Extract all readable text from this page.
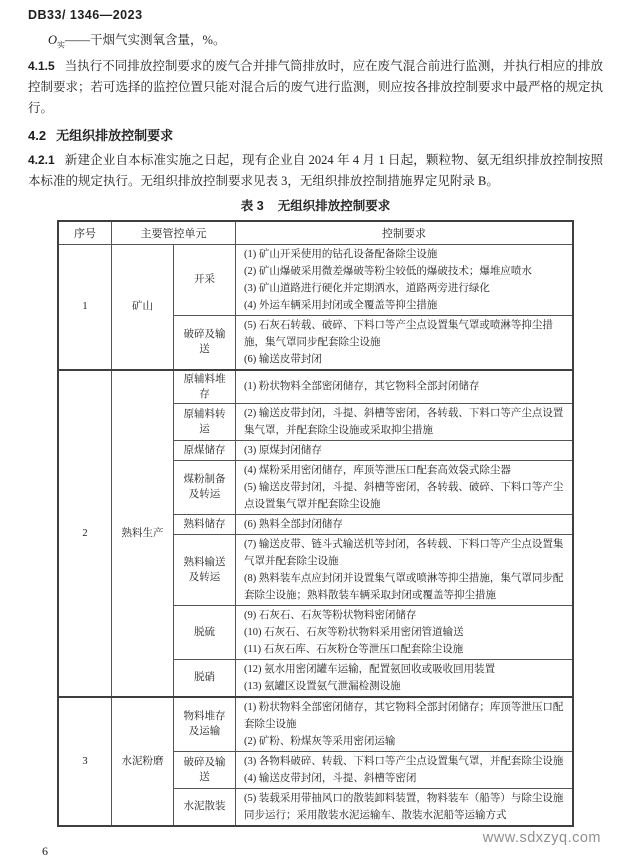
DB33/ 1346—2023

$O_实——$干烟气实测氧含量，%。

4.1.5 当执行不同排放控制要求的废气合并排气筒排放时，应在废气混合前进行监测，并执行相应的排放控制要求；若可选择的监控位置只能对混合后的废气进行监测，则应按各排放控制要求中最严格的规定执行。

4.2 无组织排放控制要求

4.2.1 新建企业自本标准实施之日起，现有企业自 2024 年 4 月 1 日起，颗粒物、氨无组织排放控制按照本标准的规定执行。无组织排放控制要求见表 3，无组织排放控制措施界定见附录 B。

表 3 无组织排放控制要求
序号	主要管控单元		控制要求
1	矿山	开采	(1) 矿山开采使用的钻孔设备配备除尘设施
(2) 矿山爆破采用微差爆破等粉尘较低的爆破技术；爆堆应喷水
(3) 矿山道路进行硬化并定期洒水，道路两旁进行绿化
(4) 外运车辆采用封闭或全覆盖等抑尘措施

		破碎及输送	(5) 石灰石转载、破碎、下料口等产尘点设置集气罩或喷淋等抑尘措施，集气罩同步配套除尘设施
(6) 输送皮带封闭

2	熟料生产	原辅料堆存	(1) 粉状物料全部密闭储存，其它物料全部封闭储存

		原辅料转运	(2) 输送皮带封闭，斗提、斜槽等密闭，各转载、下料口等产尘点设置集气罩，并配套除尘设施或采取抑尘措施

		原煤储存	(3) 原煤封闭储存

		煤粉制备及转运	(4) 煤粉采用密闭储存，库顶等泄压口配套高效袋式除尘器
(5) 输送皮带封闭，斗提、斜槽等密闭，各转载、破碎、下料口等产尘点设置集气罩并配套除尘设施

		熟料储存	(6) 熟料全部封闭储存

		熟料输送及转运	(7) 输送皮带、链斗式输送机等封闭，各转载、下料口等产尘点设置集气罩并配套除尘设施
(8) 熟料装车点应封闭并设置集气罩或喷淋等抑尘措施，集气罩同步配套除尘设施；熟料散装车辆采取封闭或覆盖等抑尘措施

		脱硫	(9) 石灰石、石灰等粉状物料密闭储存
(10) 石灰石、石灰等粉状物料采用密闭管道输送
(11) 石灰石库、石灰粉仓等泄压口配套除尘设施

		脱硝	(12) 氨水用密闭罐车运输，配置氨回收或吸收回用装置
(13) 氨罐区设置氨气泄漏检测设施

3	水泥粉磨	物料堆存及运输	(1) 粉状物料全部密闭储存，其它物料全部封闭储存；库顶等泄压口配套除尘设施
(2) 矿粉、粉煤灰等采用密闭运输

		破碎及输送	(3) 各物料破碎、转载、下料口等产尘点设置集气罩，并配套除尘设施
(4) 输送皮带封闭，斗提、斜槽等密闭

		水泥散装	(5) 装载采用带抽风口的散装卸料装置，物料装车（船等）与除尘设施同步运行；采用散装水泥运输车、散装水泥船等运输方式
www.sdxzyq.com
6
